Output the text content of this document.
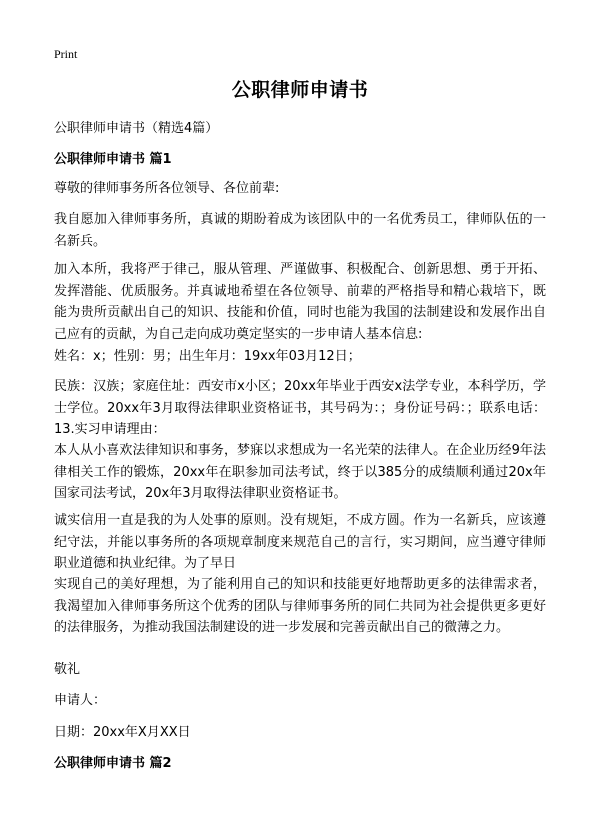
Print
公职律师申请书
公职律师申请书（精选4篇）
公职律师申请书 篇1
尊敬的律师事务所各位领导、各位前辈:
我自愿加入律师事务所，真诚的期盼着成为该团队中的一名优秀员工，律师队伍的一名新兵。
加入本所，我将严于律己，服从管理、严谨做事、积极配合、创新思想、勇于开拓、发挥潜能、优质服务。并真诚地希望在各位领导、前辈的严格指导和精心栽培下，既能为贵所贡献出自己的知识、技能和价值，同时也能为我国的法制建设和发展作出自己应有的贡献，为自己走向成功奠定坚实的一步申请人基本信息:
姓名：x；性别：男；出生年月：19xx年03月12日；
民族：汉族；家庭住址：西安市x小区；20xx年毕业于西安x法学专业，本科学历，学士学位。20xx年3月取得法律职业资格证书，其号码为：；身份证号码：；联系电话：13.实习申请理由：
本人从小喜欢法律知识和事务，梦寐以求想成为一名光荣的法律人。在企业历经9年法律相关工作的锻炼，20xx年在职参加司法考试，终于以385分的成绩顺利通过20x年国家司法考试，20x年3月取得法律职业资格证书。
诚实信用一直是我的为人处事的原则。没有规矩，不成方圆。作为一名新兵，应该遵纪守法，并能以事务所的各项规章制度来规范自己的言行，实习期间，应当遵守律师职业道德和执业纪律。为了早日
实现自己的美好理想，为了能利用自己的知识和技能更好地帮助更多的法律需求者，我渴望加入律师事务所这个优秀的团队与律师事务所的同仁共同为社会提供更多更好的法律服务，为推动我国法制建设的进一步发展和完善贡献出自己的微薄之力。
敬礼
申请人：
日期：20xx年X月XX日
公职律师申请书 篇2
